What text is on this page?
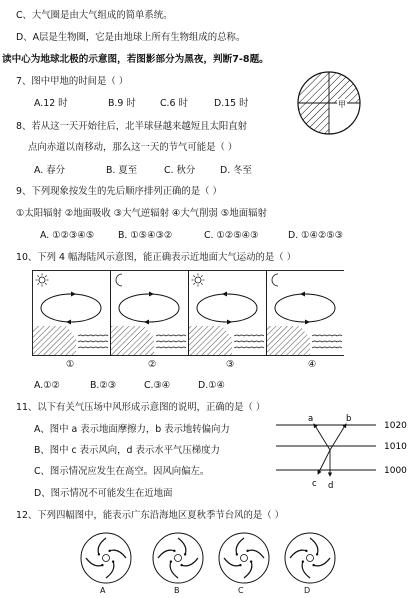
C、大气圈是由大气组成的简单系统。
D、A层是生物圈，它是由地球上所有生物组成的总称。
读中心为地球北极的示意图，若图影部分为黑夜，判断7-8题。
7、图中甲地的时间是（ ）
A.12 时	B.9 时	C.6 时	D.15 时	甲
8、若从这一天开始往后，北半球昼越来越短且太阳直射
点向赤道以南移动，那么这一天的节气可能是（ ）
A. 春分	B. 夏至	C. 秋分	D. 冬至
9、下列现象按发生的先后顺序排列正确的是（ ）
①太阳辐射 ②地面吸收 ③大气逆辐射 ④大气削弱 ⑤地面辐射
A. ①②③④⑤	B. ①⑤④③②	C. ①②⑤④③	D. ①④②⑤③
10、下列 4 幅海陆风示意图，能正确表示近地面大气运动的是（ ）
①	②	③	④
A.①②	B.②③	C.③④	D.①④
11、以下有关气压场中风形成示意图的说明，正确的是（ ）
A、图中 a 表示地面摩擦力，b 表示地转偏向力
B、图中 c 表示风向，d 表示水平气压梯度力
C、图示情况应发生在高空。因风向偏左。
D、图示情况不可能发生在近地面
1020
1010
1000
a	b
c d
12、下列四幅图中，能表示广东沿海地区夏秋季节台风的是（ ）
A	B	C	D
